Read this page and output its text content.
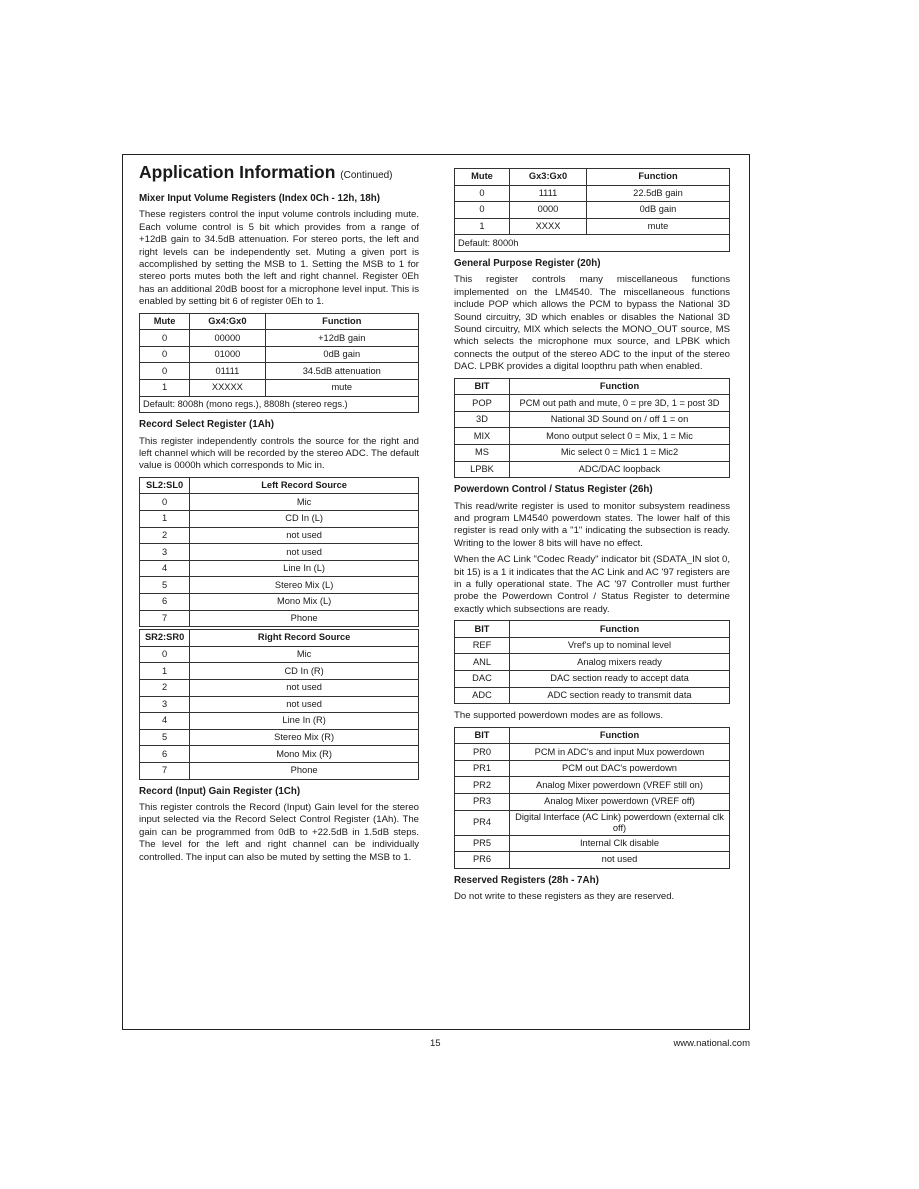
Application Information (Continued)
Mixer Input Volume Registers (Index 0Ch - 12h, 18h)
These registers control the input volume controls including mute. Each volume control is 5 bit which provides from a range of +12dB gain to 34.5dB attenuation. For stereo ports, the left and right levels can be independently set. Muting a given port is accomplished by setting the MSB to 1. Setting the MSB to 1 for stereo ports mutes both the left and right channel. Register 0Eh has an additional 20dB boost for a microphone level input. This is enabled by setting bit 6 of register 0Eh to 1.
Mute	Gx4:Gx0	Function
0	00000	+12dB gain
0	01000	0dB gain
0	01111	34.5dB attenuation
1	XXXXX	mute
Default: 8008h (mono regs.), 8808h (stereo regs.)		
Record Select Register (1Ah)
This register independently controls the source for the right and left channel which will be recorded by the stereo ADC. The default value is 0000h which corresponds to Mic in.
SL2:SL0	Left Record Source
0	Mic
1	CD In (L)
2	not used
3	not used
4	Line In (L)
5	Stereo Mix (L)
6	Mono Mix (L)
7	Phone
SR2:SR0	Right Record Source
0	Mic
1	CD In (R)
2	not used
3	not used
4	Line In (R)
5	Stereo Mix (R)
6	Mono Mix (R)
7	Phone
Record (Input) Gain Register (1Ch)
This register controls the Record (Input) Gain level for the stereo input selected via the Record Select Control Register (1Ah). The gain can be programmed from 0dB to +22.5dB in 1.5dB steps. The level for the left and right channel can be individually controlled. The input can also be muted by setting the MSB to 1.
Mute	Gx3:Gx0	Function
0	1111	22.5dB gain
0	0000	0dB gain
1	XXXX	mute
Default: 8000h		
General Purpose Register (20h)
This register controls many miscellaneous functions implemented on the LM4540. The miscellaneous functions include POP which allows the PCM to bypass the National 3D Sound circuitry, 3D which enables or disables the National 3D Sound circuitry, MIX which selects the MONO_OUT source, MS which selects the microphone mux source, and LPBK which connects the output of the stereo ADC to the input of the stereo DAC. LPBK provides a digital loopthru path when enabled.
BIT	Function
POP	PCM out path and mute, 0 = pre 3D, 1 = post 3D
3D	National 3D Sound on / off 1 = on
MIX	Mono output select 0 = Mix, 1 = Mic
MS	Mic select 0 = Mic1 1 = Mic2
LPBK	ADC/DAC loopback
Powerdown Control / Status Register (26h)
This read/write register is used to monitor subsystem readiness and program LM4540 powerdown states. The lower half of this register is read only with a "1" indicating the subsection is ready. Writing to the lower 8 bits will have no effect.
When the AC Link "Codec Ready" indicator bit (SDATA_IN slot 0, bit 15) is a 1 it indicates that the AC Link and AC '97 registers are in a fully operational state. The AC '97 Controller must further probe the Powerdown Control / Status Register to determine exactly which subsections are ready.
BIT	Function
REF	Vref's up to nominal level
ANL	Analog mixers ready
DAC	DAC section ready to accept data
ADC	ADC section ready to transmit data
The supported powerdown modes are as follows.
BIT	Function
PR0	PCM in ADC's and input Mux powerdown
PR1	PCM out DAC's powerdown
PR2	Analog Mixer powerdown (VREF still on)
PR3	Analog Mixer powerdown (VREF off)
PR4	Digital Interface (AC Link) powerdown (external clk off)
PR5	Internal Clk disable
PR6	not used
Reserved Registers (28h - 7Ah)
Do not write to these registers as they are reserved.
15	www.national.com
